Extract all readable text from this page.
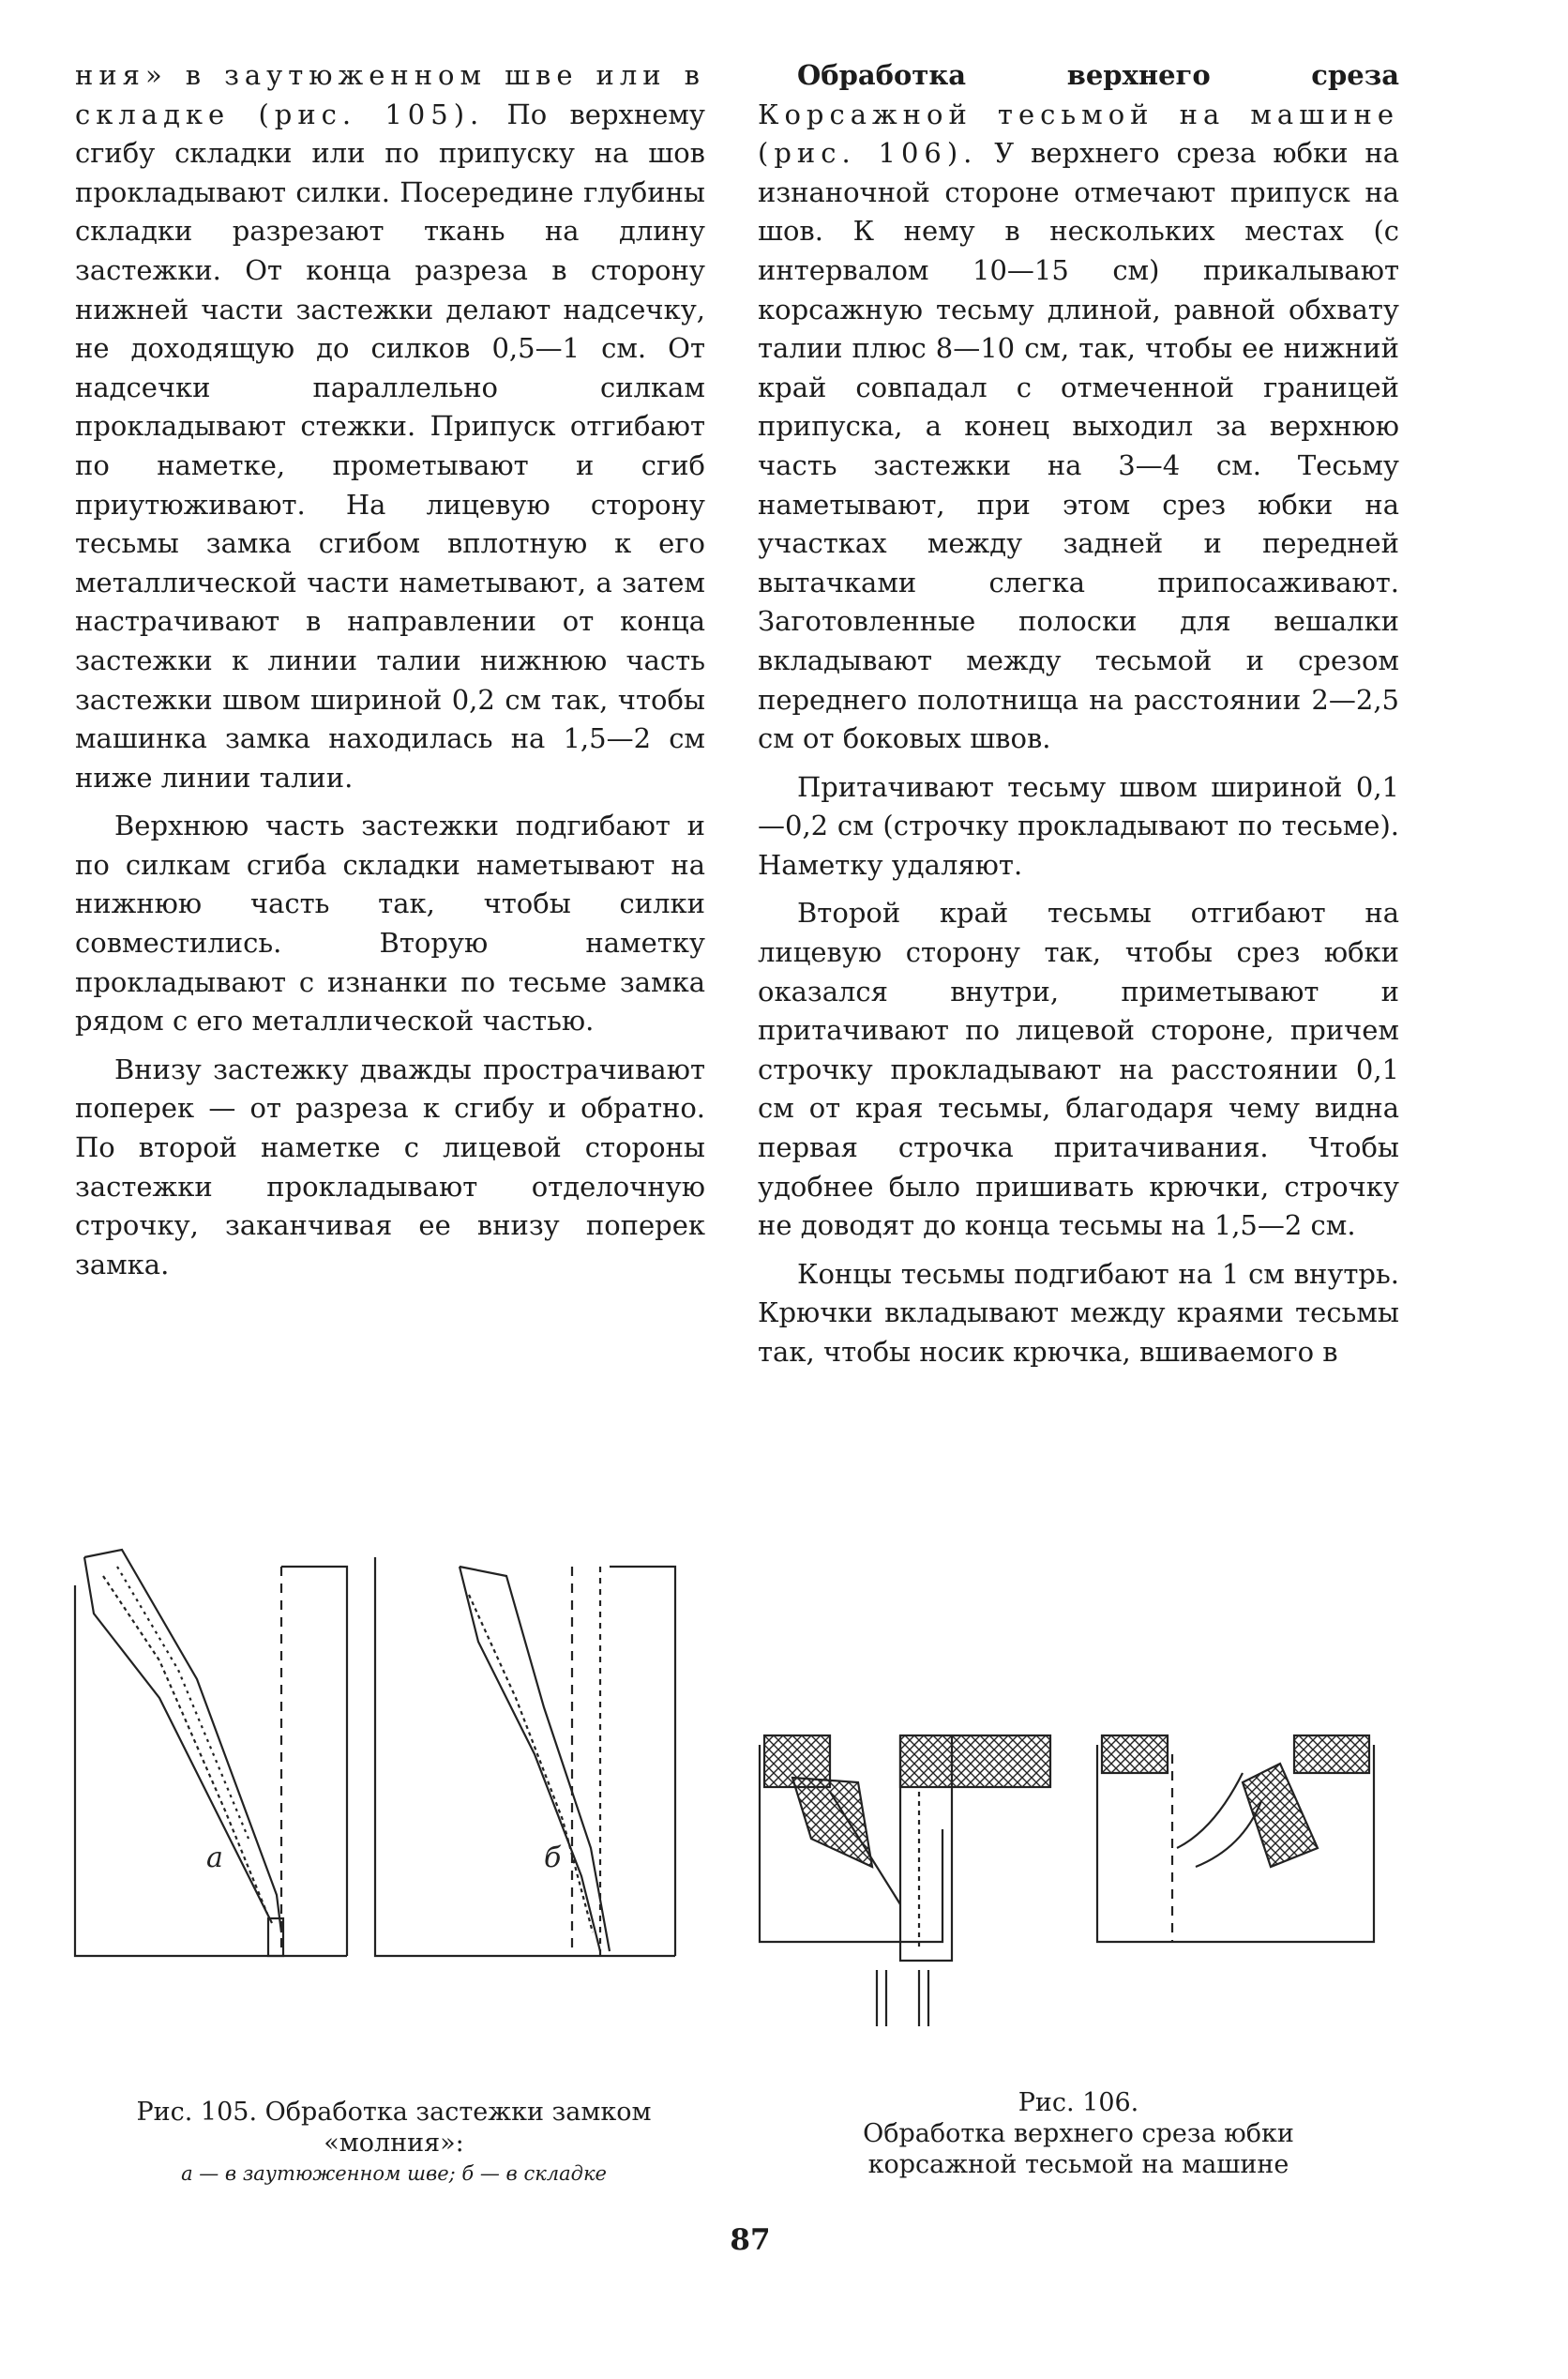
ния» в заутюженном шве или в складке (рис. 105). По верхнему сгибу складки или по припуску на шов прокладывают силки. Посередине глубины складки разрезают ткань на длину застежки. От конца разреза в сторону нижней части застежки делают надсечку, не доходящую до силков 0,5—1 см. От надсечки параллельно силкам прокладывают стежки. Припуск отгибают по наметке, прометывают и сгиб приутюживают. На лицевую сторону тесьмы замка сгибом вплотную к его металлической части наметывают, а затем настрачивают в направлении от конца застежки к линии талии нижнюю часть застежки швом шириной 0,2 см так, чтобы машинка замка находилась на 1,5—2 см ниже линии талии.

Верхнюю часть застежки подгибают и по силкам сгиба складки наметывают на нижнюю часть так, чтобы силки совместились. Вторую наметку прокладывают с изнанки по тесьме замка рядом с его металлической частью.

Внизу застежку дважды прострачивают поперек — от разреза к сгибу и обратно. По второй наметке с лицевой стороны застежки прокладывают отделочную строчку, заканчивая ее внизу поперек замка.

Обработка верхнего среза Корсажной тесьмой на машине (рис. 106). У верхнего среза юбки на изнаночной стороне отмечают припуск на шов. К нему в нескольких местах (с интервалом 10—15 см) прикалывают корсажную тесьму длиной, равной обхвату талии плюс 8—10 см, так, чтобы ее нижний край совпадал с отмеченной границей припуска, а конец выходил за верхнюю часть застежки на 3—4 см. Тесьму наметывают, при этом срез юбки на участках между задней и передней вытачками слегка припосаживают. Заготовленные полоски для вешалки вкладывают между тесьмой и срезом переднего полотнища на расстоянии 2—2,5 см от боковых швов.

Притачивают тесьму швом шириной 0,1—0,2 см (строчку прокладывают по тесьме). Наметку удаляют.

Второй край тесьмы отгибают на лицевую сторону так, чтобы срез юбки оказался внутри, приметывают и притачивают по лицевой стороне, причем строчку прокладывают на расстоянии 0,1 см от края тесьмы, благодаря чему видна первая строчка притачивания. Чтобы удобнее было пришивать крючки, строчку не доводят до конца тесьмы на 1,5—2 см.

Концы тесьмы подгибают на 1 см внутрь. Крючки вкладывают между краями тесьмы так, чтобы носик крючка, вшиваемого в

а	б
Рис. 105. Обработка застежки замком
«молния»:
а — в заутюженном шве; б — в складке
Рис. 106.
Обработка верхнего среза юбки
корсажной тесьмой на машине
87
